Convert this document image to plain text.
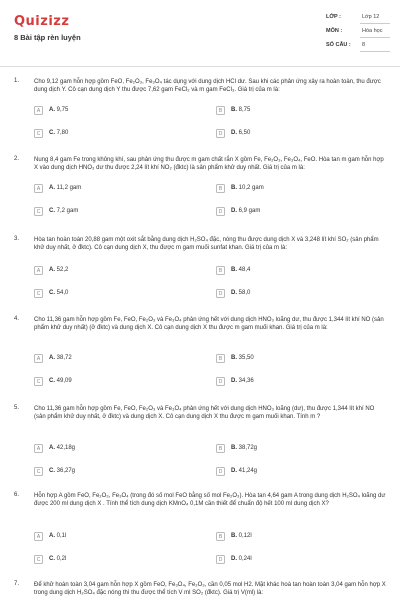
Quizizz
8 Bài tập rèn luyện
LỚP :	Lớp 12
MÔN :	Hóa học
SỐ CÂU : 8
1. Cho 9,12 gam hỗn hợp gồm FeO, Fe₂O₃, Fe₃O₄ tác dụng với dung dịch HCl dư. Sau khi các phản ứng xảy ra hoàn toàn, thu được dung dịch Y. Cô cạn dung dịch Y thu được 7,62 gam FeCl₂ và m gam FeCl₃. Giá trị của m là:
A	A. 9,75	B	B. 8,75
C	C. 7,80	D	D. 6,50
2. Nung 8,4 gam Fe trong không khí, sau phản ứng thu được m gam chất rắn X gồm Fe, Fe₂O₃, Fe₃O₄, FeO. Hòa tan m gam hỗn hợp X vào dung dịch HNO₃ dư thu được 2,24 lít khí NO₂ (đktc) là sản phẩm khử duy nhất. Giá trị của m là:
A	A. 11,2 gam	B	B. 10,2 gam
C	C. 7,2 gam	D	D. 6,9 gam
3. Hòa tan hoàn toàn 20,88 gam một oxit sắt bằng dung dịch H₂SO₄ đặc, nóng thu được dung dịch X và 3,248 lít khí SO₂ (sản phẩm khử duy nhất, ở đktc). Cô cạn dung dịch X, thu được m gam muối sunfat khan. Giá trị của m là:
A	A. 52,2	B	B. 48,4
C	C. 54,0	D	D. 58,0
4. Cho 11,36 gam hỗn hợp gồm Fe, FeO, Fe₂O₃ và Fe₃O₄ phản ứng hết với dung dịch HNO₃ loãng dư, thu được 1,344 lít khí NO (sản phẩm khử duy nhất) (ở đktc) và dung dịch X. Cô cạn dung dịch X thu được m gam muối khan. Giá trị của m là:
A	A. 38,72	B	B. 35,50
C	C. 49,09	D	D. 34,36
5. Cho 11,36 gam hỗn hợp gồm Fe, FeO, Fe₂O₃ và Fe₃O₄ phản ứng hết với dung dịch HNO₃ loãng (dư), thu được 1,344 lít khí NO (sản phẩm khử duy nhất, ở đktc) và dung dịch X. Cô cạn dung dịch X thu được m gam muối khan. Tính m ?
A	A. 42,18g	B	B. 38,72g
C	C. 36,27g	D	D. 41,24g
6. Hỗn hợp A gồm FeO, Fe₂O₃, Fe₃O₄ (trong đó số mol FeO bằng số mol Fe₂O₃). Hòa tan 4,64 gam A trong dung dịch H₂SO₄ loãng dư được 200 ml dung dịch X . Tính thể tích dung dịch KMnO₄ 0,1M cần thiết để chuẩn độ hết 100 ml dung dịch X?
A	A. 0,1l	B	B. 0,12l
C	C. 0,2l	D	D. 0,24l
7. Để khử hoàn toàn 3,04 gam hỗn hợp X gồm FeO, Fe₃O₄, Fe₂O₃, cần 0,05 mol H2. Mặt khác hoà tan hoàn toàn 3,04 gam hỗn hợp X trong dung dịch H₂SO₄ đặc nóng thì thu được thể tích V ml SO₂ (đktc). Giá trị V(ml) là:
